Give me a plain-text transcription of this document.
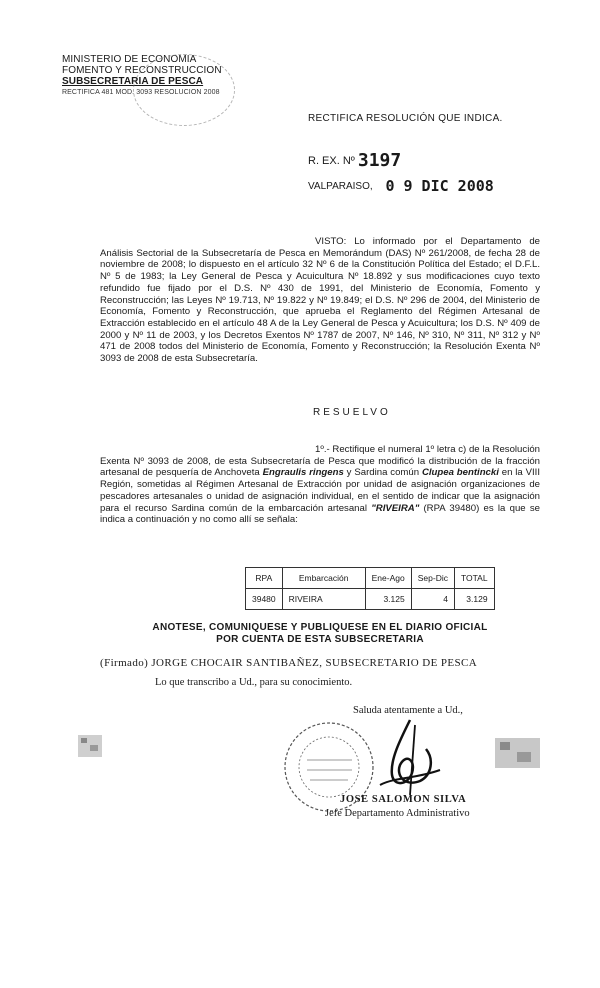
MINISTERIO DE ECONOMIA
FOMENTO Y RECONSTRUCCION
SUBSECRETARIA DE PESCA
RECTIFICA 481 MOD. 3093 RESOLUCION 2008
RECTIFICA RESOLUCIÓN QUE INDICA.
R. EX. Nº 3197
VALPARAISO, 0 9 DIC 2008
VISTO: Lo informado por el Departamento de Análisis Sectorial de la Subsecretaría de Pesca en Memorándum (DAS) Nº 261/2008, de fecha 28 de noviembre de 2008; lo dispuesto en el artículo 32 Nº 6 de la Constitución Política del Estado; el D.F.L. Nº 5 de 1983; la Ley General de Pesca y Acuicultura Nº 18.892 y sus modificaciones cuyo texto refundido fue fijado por el D.S. Nº 430 de 1991, del Ministerio de Economía, Fomento y Reconstrucción; las Leyes Nº 19.713, Nº 19.822 y Nº 19.849; el D.S. Nº 296 de 2004, del Ministerio de Economía, Fomento y Reconstrucción, que aprueba el Reglamento del Régimen Artesanal de Extracción establecido en el artículo 48 A de la Ley General de Pesca y Acuicultura; los D.S. Nº 409 de 2000 y Nº 11 de 2003, y los Decretos Exentos Nº 1787 de 2007, Nº 146, Nº 310, Nº 311, Nº 312 y Nº 471 de 2008 todos del Ministerio de Economía, Fomento y Reconstrucción; la Resolución Exenta Nº 3093 de 2008 de esta Subsecretaría.
RESUELVO
1º.- Rectifique el numeral 1º letra c) de la Resolución Exenta Nº 3093 de 2008, de esta Subsecretaría de Pesca que modificó la distribución de la fracción artesanal de pesquería de Anchoveta Engraulis ringens y Sardina común Clupea bentincki en la VIII Región, sometidas al Régimen Artesanal de Extracción por unidad de asignación organizaciones de pescadores artesanales o unidad de asignación individual, en el sentido de indicar que la asignación para el recurso Sardina común de la embarcación artesanal "RIVEIRA" (RPA 39480) es la que se indica a continuación y no como allí se señala:
RPA	Embarcación	Ene-Ago	Sep-Dic	TOTAL
39480	RIVEIRA	3.125	4	3.129
ANOTESE, COMUNIQUESE Y PUBLIQUESE EN EL DIARIO OFICIAL
POR CUENTA DE ESTA SUBSECRETARIA
(Firmado) JORGE CHOCAIR SANTIBAÑEZ, SUBSECRETARIO DE PESCA
Lo que transcribo a Ud., para su conocimiento.
Saluda atentamente a Ud.,
JOSE SALOMON SILVA
Jefe Departamento Administrativo
